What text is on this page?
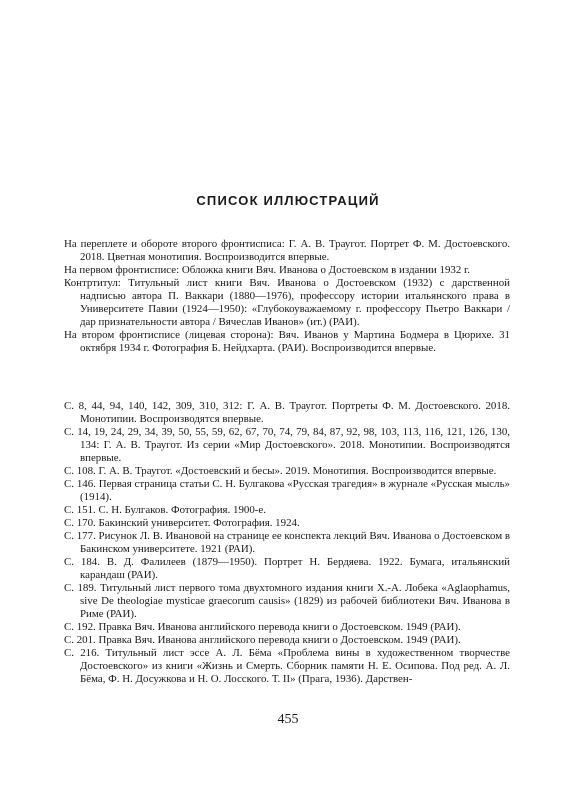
СПИСОК ИЛЛЮСТРАЦИЙ
На переплете и обороте второго фронтисписа: Г. А. В. Траугот. Портрет Ф. М. Достоевского. 2018. Цветная монотипия. Воспроизводится впервые.
На первом фронтисписе: Обложка книги Вяч. Иванова о Достоевском в издании 1932 г.
Контртитул: Титульный лист книги Вяч. Иванова о Достоевском (1932) с дарственной надписью автора П. Ваккари (1880—1976), профессору истории итальянского права в Университете Павии (1924—1950): «Глубокоуважаемому г. профессору Пьетро Ваккари / дар признательности автора / Вячеслав Иванов» (ит.) (РАИ).
На втором фронтисписе (лицевая сторона): Вяч. Иванов у Мартина Бодмера в Цюрихе. 31 октября 1934 г. Фотография Б. Нейдхарта. (РАИ). Воспроизводится впервые.
С. 8, 44, 94, 140, 142, 309, 310, 312: Г. А. В. Траугот. Портреты Ф. М. Достоевского. 2018. Монотипии. Воспроизводятся впервые.
С. 14, 19, 24, 29, 34, 39, 50, 55, 59, 62, 67, 70, 74, 79, 84, 87, 92, 98, 103, 113, 116, 121, 126, 130, 134: Г. А. В. Траугот. Из серии «Мир Достоевского». 2018. Монотипии. Воспроизводятся впервые.
С. 108. Г. А. В. Траугот. «Достоевский и бесы». 2019. Монотипия. Воспроизводится впервые.
С. 146. Первая страница статьи С. Н. Булгакова «Русская трагедия» в журнале «Русская мысль» (1914).
С. 151. С. Н. Булгаков. Фотография. 1900-е.
С. 170. Бакинский университет. Фотография. 1924.
С. 177. Рисунок Л. В. Ивановой на странице ее конспекта лекций Вяч. Иванова о Достоевском в Бакинском университете. 1921 (РАИ).
С. 184. В. Д. Фалилеев (1879—1950). Портрет Н. Бердяева. 1922. Бумага, итальянский карандаш (РАИ).
С. 189. Титульный лист первого тома двухтомного издания книги Х.-А. Лобека «Aglaophamus, sive De theologiae mysticae graecorum causis» (1829) из рабочей библиотеки Вяч. Иванова в Риме (РАИ).
С. 192. Правка Вяч. Иванова английского перевода книги о Достоевском. 1949 (РАИ).
С. 201. Правка Вяч. Иванова английского перевода книги о Достоевском. 1949 (РАИ).
С. 216. Титульный лист эссе А. Л. Бёма «Проблема вины в художественном творчестве Достоевского» из книги «Жизнь и Смерть. Сборник памяти Н. Е. Осипова. Под ред. А. Л. Бёма, Ф. Н. Досужкова и Н. О. Лосского. Т. II» (Прага, 1936). Дарствен-

455
